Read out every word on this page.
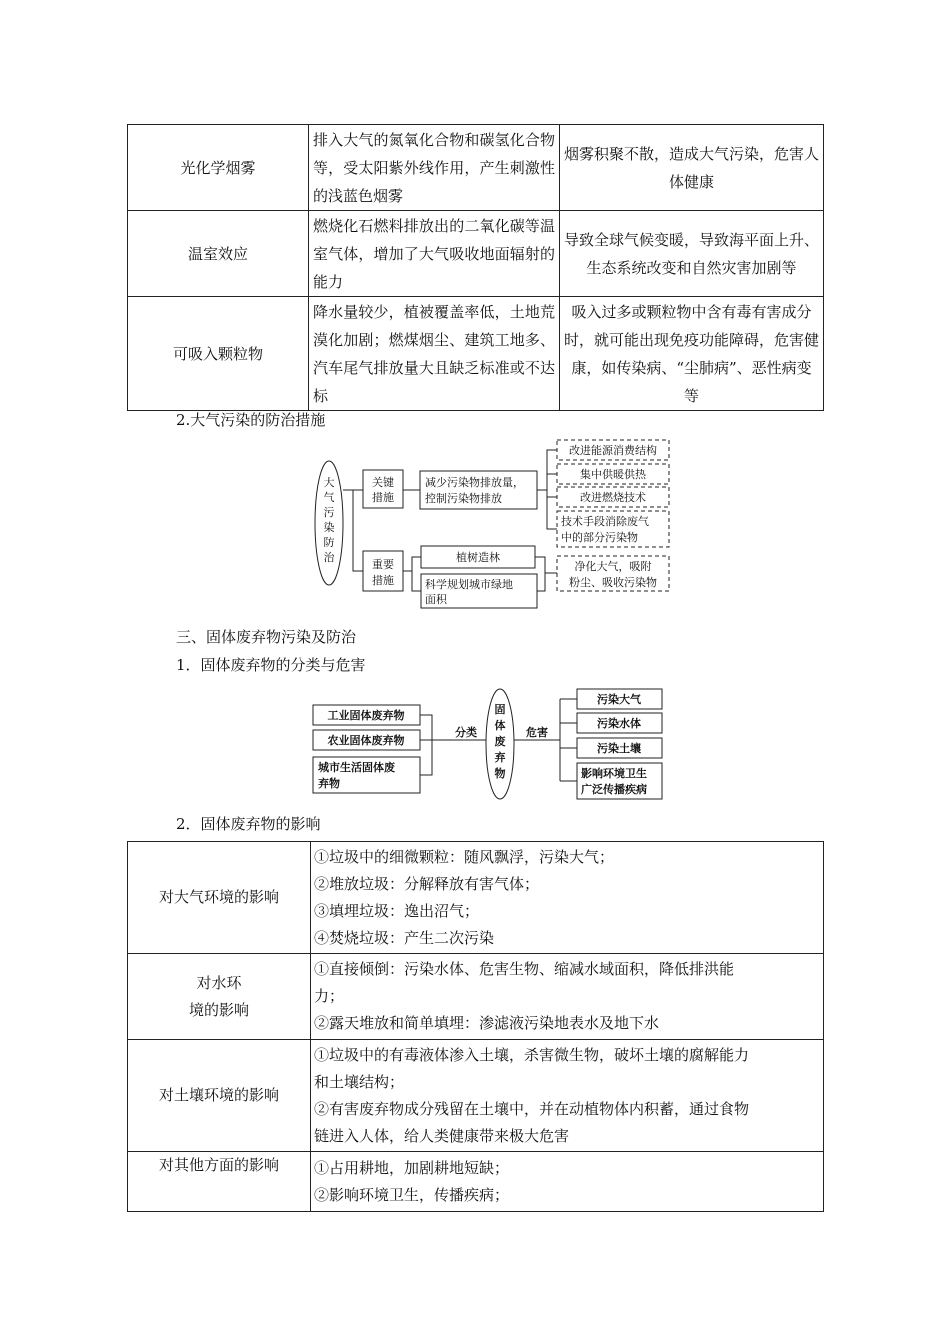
光化学烟雾	排入大气的氮氧化合物和碳氢化合物等，受太阳紫外线作用，产生刺激性的浅蓝色烟雾	烟雾积聚不散，造成大气污染，危害人体健康
温室效应	燃烧化石燃料排放出的二氧化碳等温室气体，增加了大气吸收地面辐射的能力	导致全球气候变暖，导致海平面上升、生态系统改变和自然灾害加剧等
可吸入颗粒物	降水量较少，植被覆盖率低，土地荒漠化加剧；燃煤烟尘、建筑工地多、汽车尾气排放量大且缺乏标准或不达标	吸入过多或颗粒物中含有毒有害成分时，就可能出现免疫功能障碍，危害健康，如传染病、“尘肺病”、恶性病变等
2.大气污染的防治措施
大
气
污
染
防
治
关键
措施
重要
措施
减少污染物排放量，
控制污染物排放
植树造林
科学规划城市绿地
面积
改进能源消费结构
集中供暖供热
改进燃烧技术
技术手段消除废气
中的部分污染物
净化大气，吸附
粉尘、吸收污染物
三、固体废弃物污染及防治
1．固体废弃物的分类与危害
工业固体废弃物
农业固体废弃物
城市生活固体废
弃物
分类	危害
固
体
废
弃
物
污染大气
污染水体
污染土壤
影响环境卫生
广泛传播疾病
2．固体废弃物的影响
对大气环境的影响	①垃圾中的细微颗粒：随风飘浮，污染大气；
②堆放垃圾：分解释放有害气体；
③填埋垃圾：逸出沼气；
④焚烧垃圾：产生二次污染

对水环
境的影响	①直接倾倒：污染水体、危害生物、缩减水域面积，降低排洪能
力；
②露天堆放和简单填埋：渗滤液污染地表水及地下水

对土壤环境的影响	①垃圾中的有毒液体渗入土壤，杀害微生物，破坏土壤的腐解能力
和土壤结构；
②有害废弃物成分残留在土壤中，并在动植物体内积蓄，通过食物
链进入人体，给人类健康带来极大危害

对其他方面的影响	①占用耕地，加剧耕地短缺；
②影响环境卫生，传播疾病；
